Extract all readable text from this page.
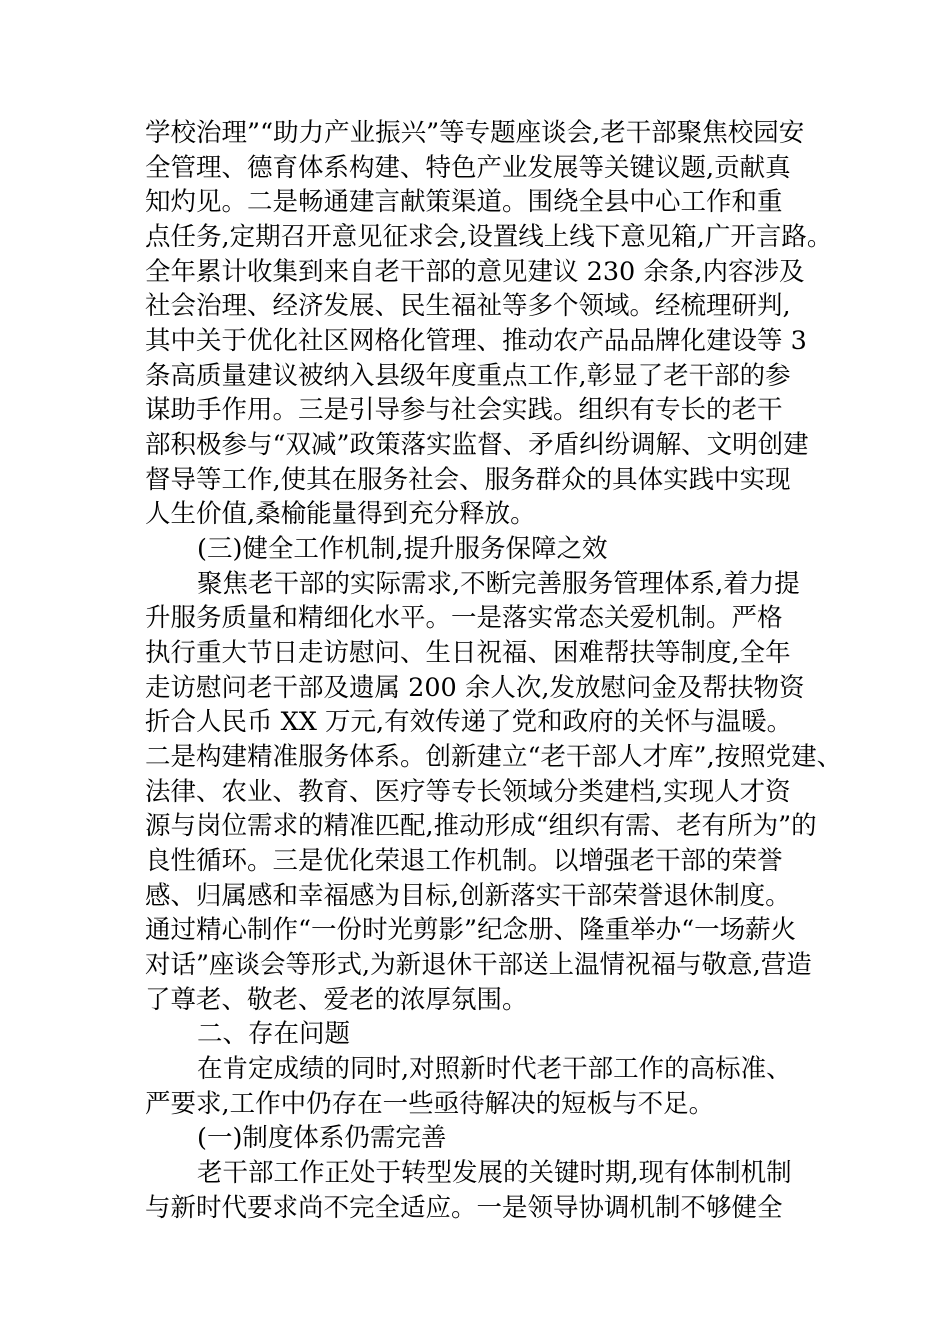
学校治理”“助力产业振兴”等专题座谈会,老干部聚焦校园安
全管理、德育体系构建、特色产业发展等关键议题,贡献真
知灼见。二是畅通建言献策渠道。围绕全县中心工作和重
点任务,定期召开意见征求会,设置线上线下意见箱,广开言路。
全年累计收集到来自老干部的意见建议 230 余条,内容涉及
社会治理、经济发展、民生福祉等多个领域。经梳理研判,
其中关于优化社区网格化管理、推动农产品品牌化建设等 3
条高质量建议被纳入县级年度重点工作,彰显了老干部的参
谋助手作用。三是引导参与社会实践。组织有专长的老干
部积极参与“双减”政策落实监督、矛盾纠纷调解、文明创建
督导等工作,使其在服务社会、服务群众的具体实践中实现
人生价值,桑榆能量得到充分释放。
(三)健全工作机制,提升服务保障之效
聚焦老干部的实际需求,不断完善服务管理体系,着力提
升服务质量和精细化水平。一是落实常态关爱机制。严格
执行重大节日走访慰问、生日祝福、困难帮扶等制度,全年
走访慰问老干部及遗属 200 余人次,发放慰问金及帮扶物资
折合人民币 XX 万元,有效传递了党和政府的关怀与温暖。
二是构建精准服务体系。创新建立“老干部人才库”,按照党建、
法律、农业、教育、医疗等专长领域分类建档,实现人才资
源与岗位需求的精准匹配,推动形成“组织有需、老有所为”的
良性循环。三是优化荣退工作机制。以增强老干部的荣誉
感、归属感和幸福感为目标,创新落实干部荣誉退休制度。
通过精心制作“一份时光剪影”纪念册、隆重举办“一场薪火
对话”座谈会等形式,为新退休干部送上温情祝福与敬意,营造
了尊老、敬老、爱老的浓厚氛围。
二、存在问题
在肯定成绩的同时,对照新时代老干部工作的高标准、
严要求,工作中仍存在一些亟待解决的短板与不足。
(一)制度体系仍需完善
老干部工作正处于转型发展的关键时期,现有体制机制
与新时代要求尚不完全适应。一是领导协调机制不够健全
